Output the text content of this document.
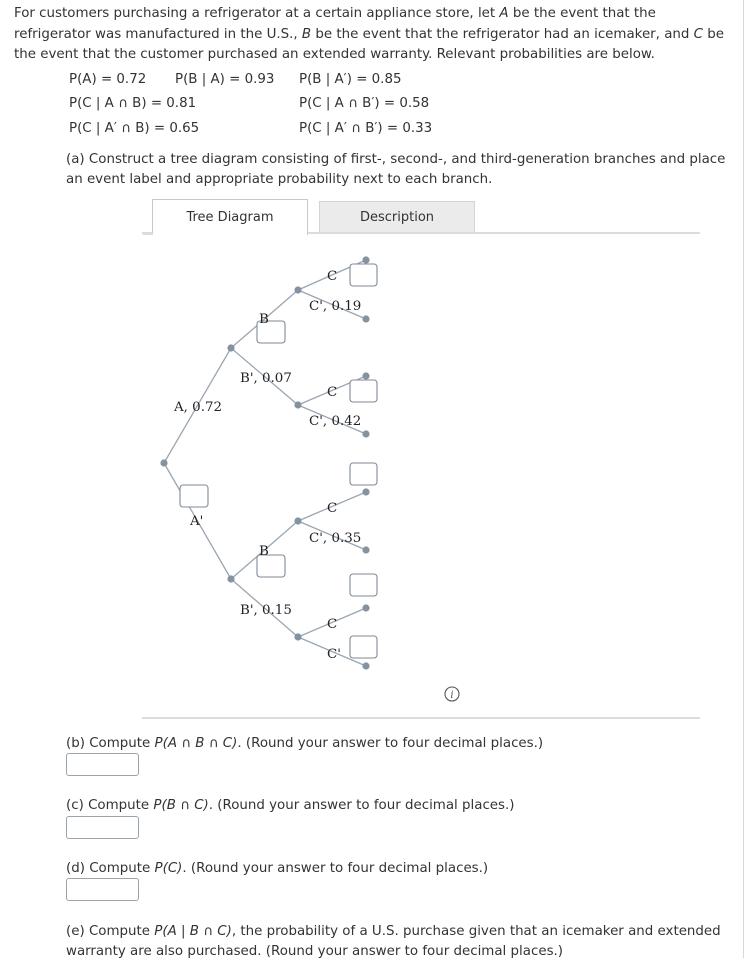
For customers purchasing a refrigerator at a certain appliance store, let A be the event that the refrigerator was manufactured in the U.S., B be the event that the refrigerator had an icemaker, and C be the event that the customer purchased an extended warranty. Relevant probabilities are below.

P(A) = 0.72 P(B | A) = 0.93 P(B | A′) = 0.85
P(C | A ∩ B) = 0.81	P(C | A ∩ B′) = 0.58
P(C | A′ ∩ B) = 0.65	P(C | A′ ∩ B′) = 0.33

(a) Construct a tree diagram consisting of first-, second-, and third-generation branches and place an event label and appropriate probability next to each branch.

Tree Diagram	Description
A, 0.72
A'
B
B', 0.07
B
B', 0.15
C
C', 0.19
C
C', 0.42
C
C', 0.35
C
C'
i

(b) Compute P(A ∩ B ∩ C). (Round your answer to four decimal places.)

(c) Compute P(B ∩ C). (Round your answer to four decimal places.)

(d) Compute P(C). (Round your answer to four decimal places.)

(e) Compute P(A | B ∩ C), the probability of a U.S. purchase given that an icemaker and extended warranty are also purchased. (Round your answer to four decimal places.)
